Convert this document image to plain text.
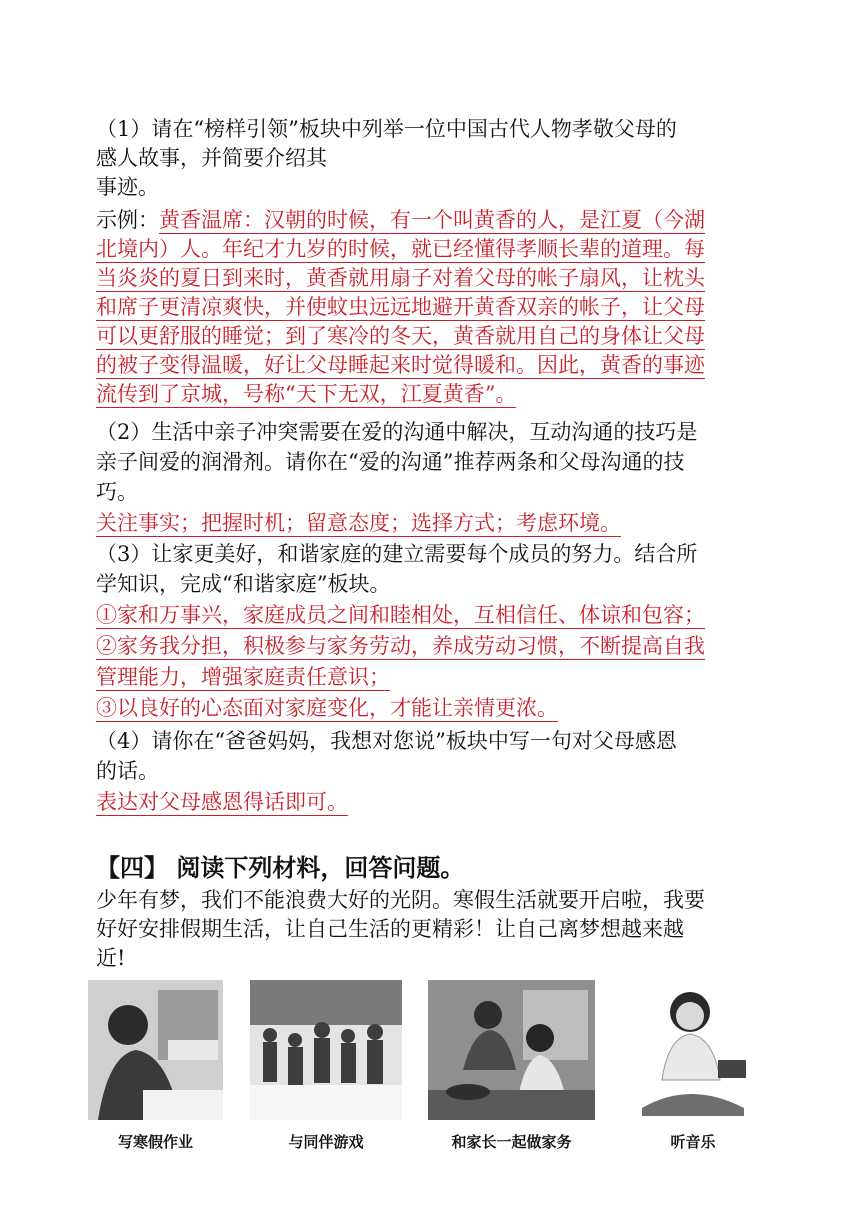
（1）请在“榜样引领”板块中列举一位中国古代人物孝敬父母的
感人故事，并简要介绍其
事迹。
示例：黄香温席：汉朝的时候，有一个叫黄香的人，是江夏（今湖
北境内）人。年纪才九岁的时候，就已经懂得孝顺长辈的道理。每
当炎炎的夏日到来时，黄香就用扇子对着父母的帐子扇风，让枕头
和席子更清凉爽快，并使蚊虫远远地避开黄香双亲的帐子，让父母
可以更舒服的睡觉；到了寒冷的冬天，黄香就用自己的身体让父母
的被子变得温暖，好让父母睡起来时觉得暖和。因此，黄香的事迹
流传到了京城，号称“天下无双，江夏黄香”。
（2）生活中亲子冲突需要在爱的沟通中解决，互动沟通的技巧是
亲子间爱的润滑剂。请你在“爱的沟通”推荐两条和父母沟通的技
巧。
关注事实；把握时机；留意态度；选择方式；考虑环境。
（3）让家更美好，和谐家庭的建立需要每个成员的努力。结合所
学知识，完成“和谐家庭”板块。
①家和万事兴，家庭成员之间和睦相处，互相信任、体谅和包容；
②家务我分担，积极参与家务劳动，养成劳动习惯，不断提高自我
管理能力，增强家庭责任意识；
③以良好的心态面对家庭变化，才能让亲情更浓。
（4）请你在“爸爸妈妈，我想对您说”板块中写一句对父母感恩
的话。
表达对父母感恩得话即可。
【四】 阅读下列材料，回答问题。
少年有梦，我们不能浪费大好的光阴。寒假生活就要开启啦，我要
好好安排假期生活，让自己生活的更精彩！让自己离梦想越来越
近!
写寒假作业	与同伴游戏	和家长一起做家务	听音乐
